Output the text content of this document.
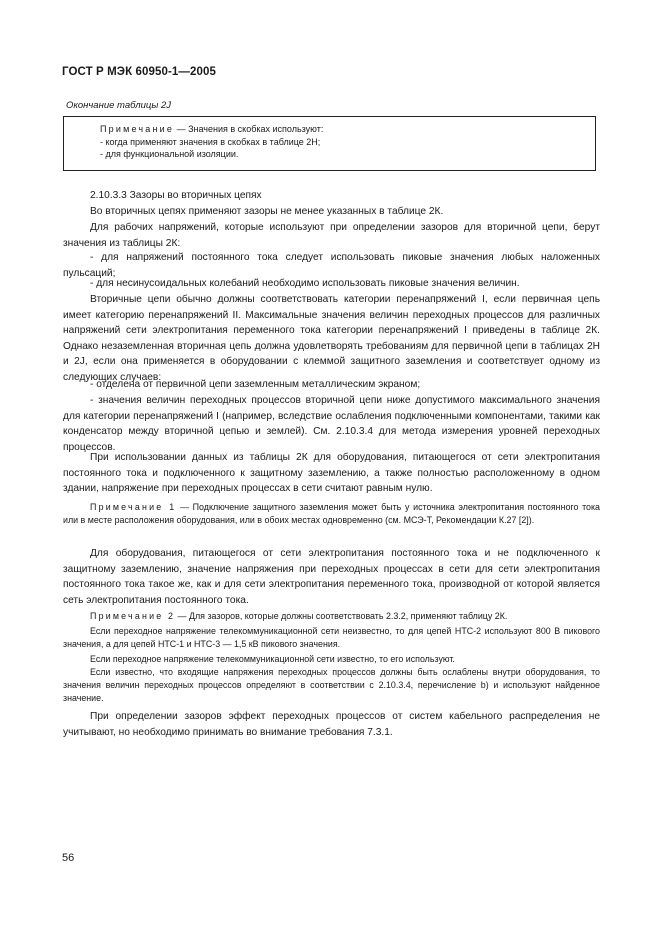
ГОСТ Р МЭК 60950-1—2005
Окончание таблицы 2J
Примечание — Значения в скобках используют:
- когда применяют значения в скобках в таблице 2H;
- для функциональной изоляции.
2.10.3.3 Зазоры во вторичных цепях
Во вторичных цепях применяют зазоры не менее указанных в таблице 2К.
Для рабочих напряжений, которые используют при определении зазоров для вторичной цепи, берут значения из таблицы 2К:
- для напряжений постоянного тока следует использовать пиковые значения любых наложенных пульсаций;
- для несинусоидальных колебаний необходимо использовать пиковые значения величин.
Вторичные цепи обычно должны соответствовать категории перенапряжений I, если первичная цепь имеет категорию перенапряжений II. Максимальные значения величин переходных процессов для различных напряжений сети электропитания переменного тока категории перенапряжений I приведены в таблице 2К. Однако незаземленная вторичная цепь должна удовлетворять требованиям для первичной цепи в таблицах 2Н и 2J, если она применяется в оборудовании с клеммой защитного заземления и соответствует одному из следующих случаев:
- отделена от первичной цепи заземленным металлическим экраном;
- значения величин переходных процессов вторичной цепи ниже допустимого максимального значения для категории перенапряжений I (например, вследствие ослабления подключенными компонентами, такими как конденсатор между вторичной цепью и землей). См. 2.10.3.4 для метода измерения уровней переходных процессов.
При использовании данных из таблицы 2К для оборудования, питающегося от сети электропитания постоянного тока и подключенного к защитному заземлению, а также полностью расположенному в одном здании, напряжение при переходных процессах в сети считают равным нулю.
Примечание 1 — Подключение защитного заземления может быть у источника электропитания постоянного тока или в месте расположения оборудования, или в обоих местах одновременно (см. МСЭ-Т, Рекомендации К.27 [2]).
Для оборудования, питающегося от сети электропитания постоянного тока и не подключенного к защитному заземлению, значение напряжения при переходных процессах в сети для сети электропитания постоянного тока такое же, как и для сети электропитания переменного тока, производной от которой является сеть электропитания постоянного тока.
Примечание 2 — Для зазоров, которые должны соответствовать 2.3.2, применяют таблицу 2К.
Если переходное напряжение телекоммуникационной сети неизвестно, то для цепей НТС-2 используют 800 В пикового значения, а для цепей НТС-1 и НТС-3 — 1,5 кВ пикового значения.
Если переходное напряжение телекоммуникационной сети известно, то его используют.
Если известно, что входящие напряжения переходных процессов должны быть ослаблены внутри оборудования, то значения величин переходных процессов определяют в соответствии с 2.10.3.4, перечисление b) и используют найденное значение.
При определении зазоров эффект переходных процессов от систем кабельного распределения не учитывают, но необходимо принимать во внимание требования 7.3.1.
56
